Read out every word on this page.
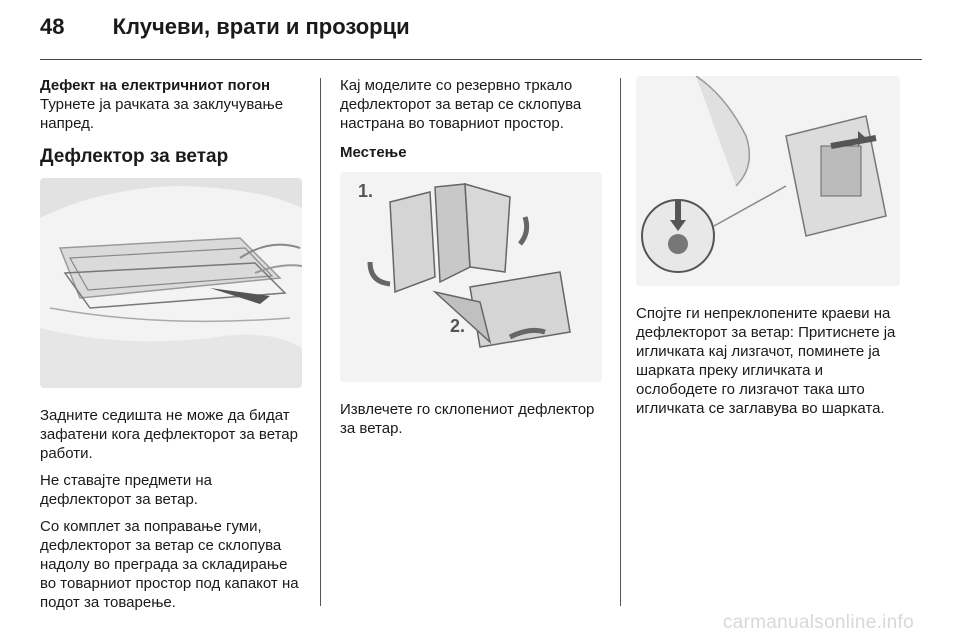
48 Клучеви, врати и прозорци

Дефект на електричниот погон

Турнете ја рачката за заклучување напред.

Дефлектор за ветар

Задните седишта не може да бидат зафатени кога дефлекторот за ветар работи.

Не ставајте предмети на дефлекторот за ветар.

Со комплет за поправање гуми, дефлекторот за ветар се склопува надолу во преграда за складирање во товарниот простор под капакот на подот за товарење.

Кај моделите со резервно тркало дефлекторот за ветар се склопува настрана во товарниот простор.

Местење
1.
2.

Извлечете го склопениот дефлектор за ветар.

Спојте ги непреклопените краеви на дефлекторот за ветар: Притиснете ја игличката кај лизгачот, поминете ја шарката преку игличката и ослободете го лизгачот така што игличката се заглавува во шарката.

carmanualsonline.info
